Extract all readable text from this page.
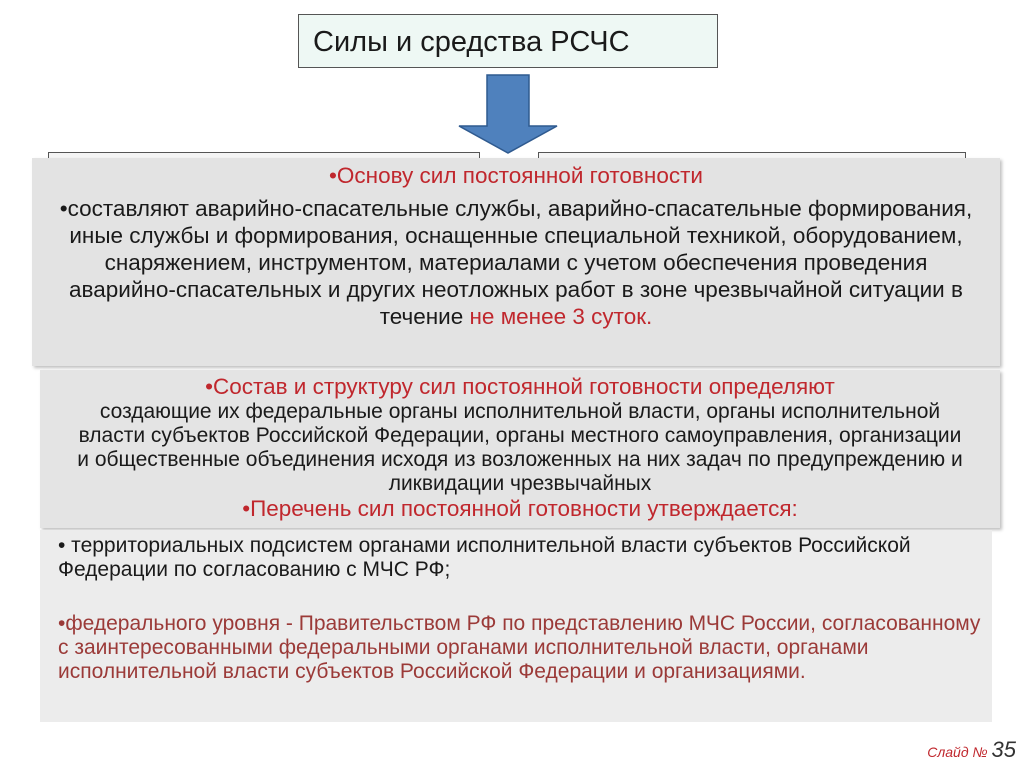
Силы и средства РСЧС
•Основу сил постоянной готовности
•составляют аварийно-спасательные службы, аварийно-спасательные формирования, иные службы и формирования, оснащенные специальной техникой, оборудованием, снаряжением, инструментом, материалами с учетом обеспечения проведения аварийно-спасательных и других неотложных работ в зоне чрезвычайной ситуации в течение не менее 3 суток.
•Состав и структуру сил постоянной готовности определяют
создающие их федеральные органы исполнительной власти, органы исполнительной власти субъектов Российской Федерации, органы местного самоуправления, организации и общественные объединения исходя из возложенных на них задач по предупреждению и ликвидации чрезвычайных
•Перечень сил постоянной готовности утверждается:
• территориальных подсистем органами исполнительной власти субъектов Российской Федерации по согласованию с МЧС РФ;
•федерального уровня - Правительством РФ по представлению МЧС России, согласованному с заинтересованными федеральными органами исполнительной власти, органами исполнительной власти субъектов Российской Федерации и организациями.
Слайд № 35
